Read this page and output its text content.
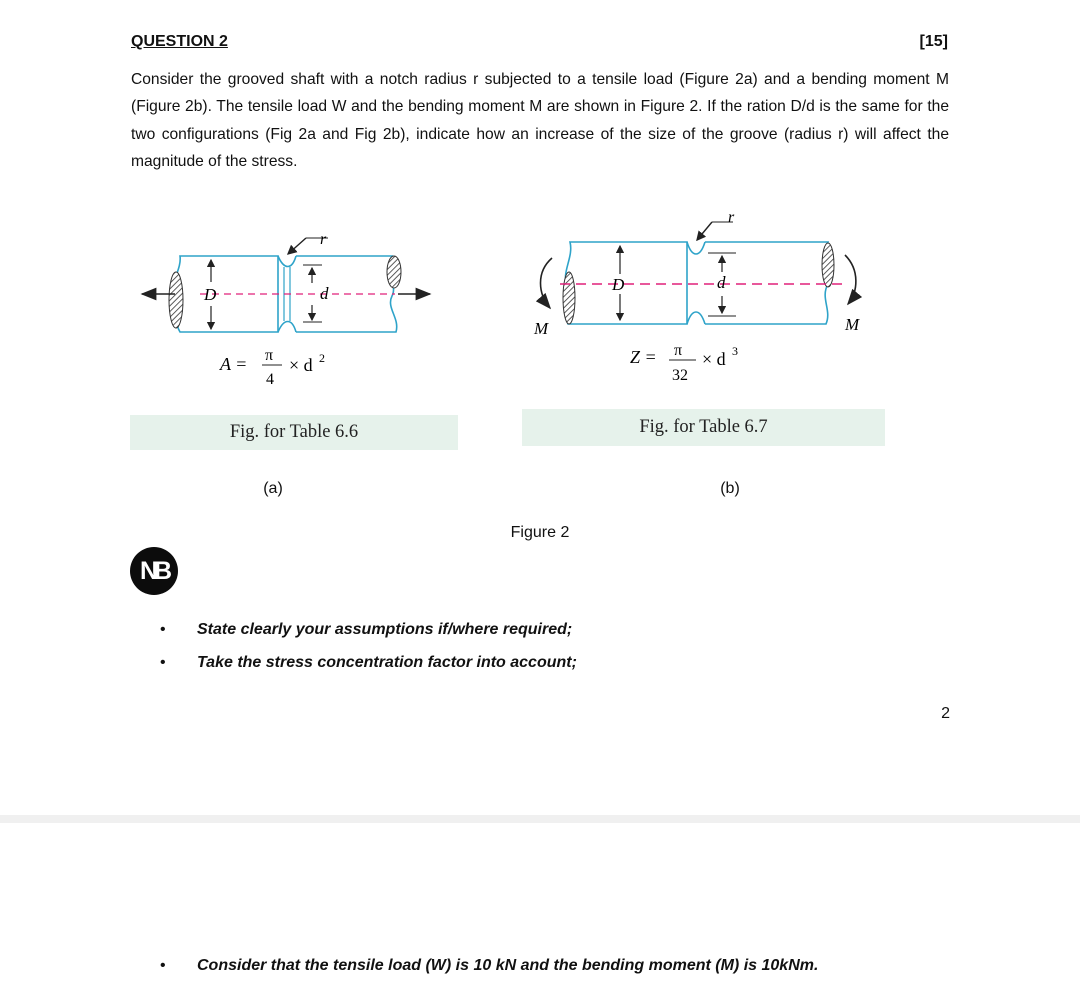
QUESTION 2	[15]
Consider the grooved shaft with a notch radius r subjected to a tensile load (Figure 2a) and a bending moment M (Figure 2b). The tensile load W and the bending moment M are shown in Figure 2. If the ration D/d is the same for the two configurations (Fig 2a and Fig 2b), indicate how an increase of the size of the groove (radius r) will affect the magnitude of the stress.
D	d
r
A = π
4
× d 2
D	d
r
M	M
Z = π
32
× d 3
Fig. for Table 6.6	Fig. for Table 6.7
(a)	(b)
Figure 2
NB
•	State clearly your assumptions if/where required;
•	Take the stress concentration factor into account;
2
•	Consider that the tensile load (W) is 10 kN and the bending moment (M) is 10kNm.
